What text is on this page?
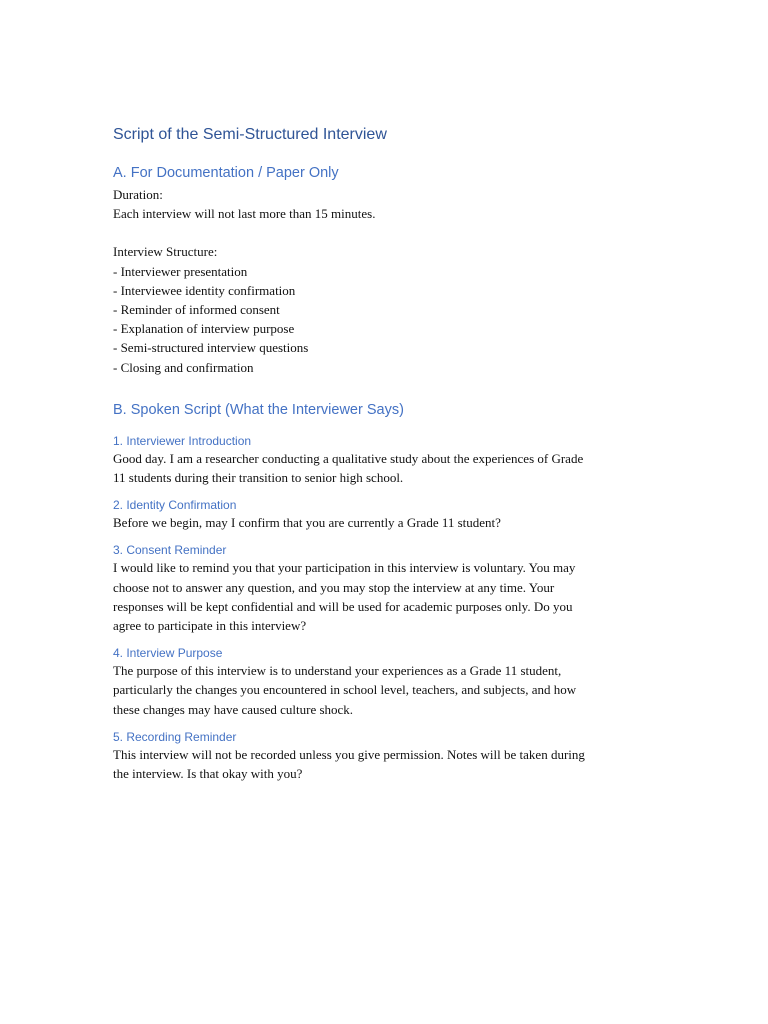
Script of the Semi-Structured Interview
A. For Documentation / Paper Only

Duration:

Each interview will not last more than 15 minutes.

Interview Structure:

- Interviewer presentation

- Interviewee identity confirmation

- Reminder of informed consent

- Explanation of interview purpose

- Semi-structured interview questions

- Closing and confirmation

B. Spoken Script (What the Interviewer Says)
1. Interviewer Introduction

Good day. I am a researcher conducting a qualitative study about the experiences of Grade

11 students during their transition to senior high school.

2. Identity Confirmation

Before we begin, may I confirm that you are currently a Grade 11 student?

3. Consent Reminder

I would like to remind you that your participation in this interview is voluntary. You may

choose not to answer any question, and you may stop the interview at any time. Your

responses will be kept confidential and will be used for academic purposes only. Do you

agree to participate in this interview?

4. Interview Purpose

The purpose of this interview is to understand your experiences as a Grade 11 student,

particularly the changes you encountered in school level, teachers, and subjects, and how

these changes may have caused culture shock.

5. Recording Reminder

This interview will not be recorded unless you give permission. Notes will be taken during

the interview. Is that okay with you?
